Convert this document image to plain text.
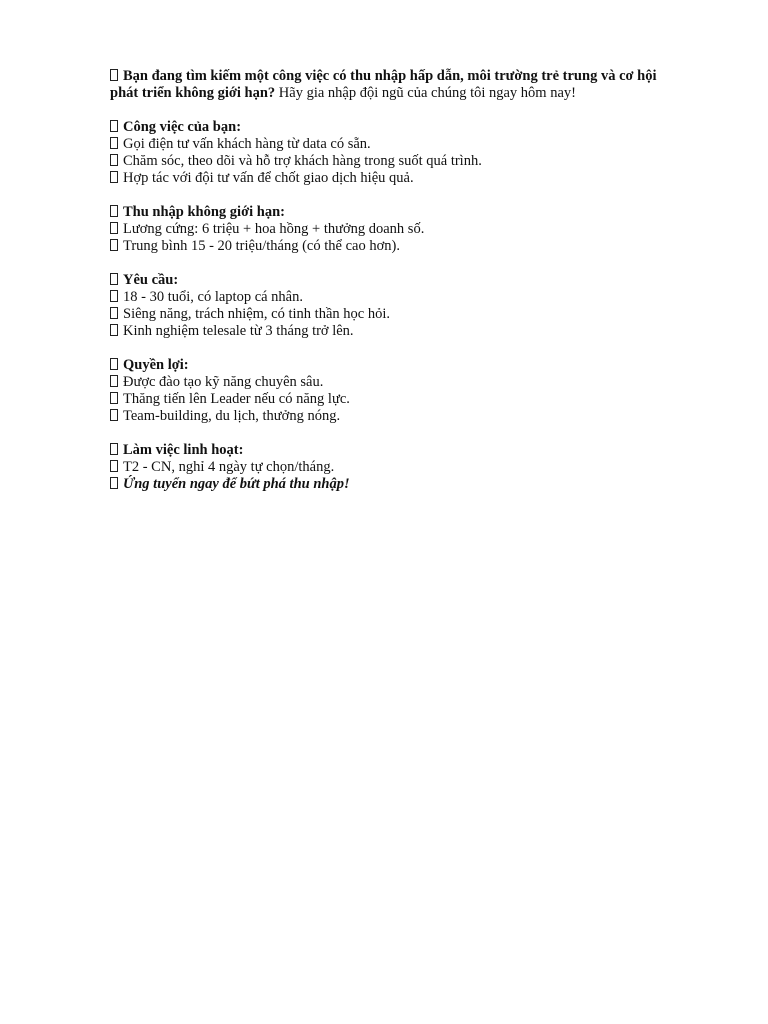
Bạn đang tìm kiếm một công việc có thu nhập hấp dẫn, môi trường trẻ trung và cơ hội
phát triển không giới hạn? Hãy gia nhập đội ngũ của chúng tôi ngay hôm nay!
Công việc của bạn:
Gọi điện tư vấn khách hàng từ data có sẵn.
Chăm sóc, theo dõi và hỗ trợ khách hàng trong suốt quá trình.
Hợp tác với đội tư vấn để chốt giao dịch hiệu quả.
Thu nhập không giới hạn:
Lương cứng: 6 triệu + hoa hồng + thưởng doanh số.
Trung bình 15 - 20 triệu/tháng (có thể cao hơn).
Yêu cầu:
18 - 30 tuổi, có laptop cá nhân.
Siêng năng, trách nhiệm, có tinh thần học hỏi.
Kinh nghiệm telesale từ 3 tháng trở lên.
Quyền lợi:
Được đào tạo kỹ năng chuyên sâu.
Thăng tiến lên Leader nếu có năng lực.
Team-building, du lịch, thưởng nóng.
Làm việc linh hoạt:
T2 - CN, nghỉ 4 ngày tự chọn/tháng.
Ứng tuyển ngay để bứt phá thu nhập!
